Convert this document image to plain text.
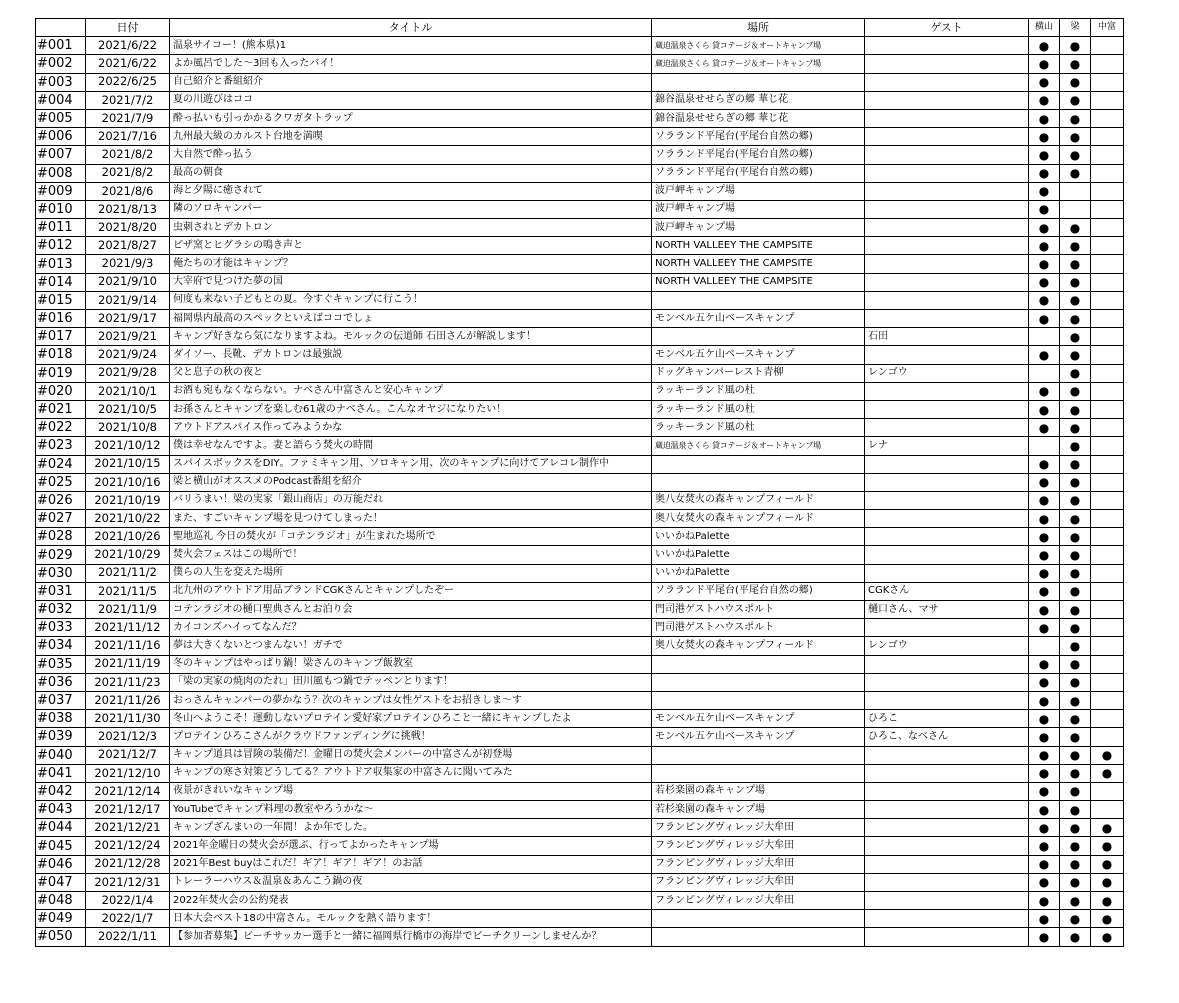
	日付	タイトル	場所	ゲスト	横山	梁	中富
#001	2021/6/22	温泉サイコー！(熊本県)1	蔵迫温泉さくら 貸コテージ＆オートキャンプ場		●	●	
#002	2021/6/22	よか風呂でした～3回も入ったバイ！	蔵迫温泉さくら 貸コテージ＆オートキャンプ場		●	●	
#003	2022/6/25	自己紹介と番組紹介			●	●	
#004	2021/7/2	夏の川遊びはココ	錦谷温泉せせらぎの郷 華じ花		●	●	
#005	2021/7/9	酔っ払いも引っかかるクワガタトラップ	錦谷温泉せせらぎの郷 華じ花		●	●	
#006	2021/7/16	九州最大級のカルスト台地を満喫	ソラランド平尾台(平尾台自然の郷)		●	●	
#007	2021/8/2	大自然で酔っ払う	ソラランド平尾台(平尾台自然の郷)		●	●	
#008	2021/8/2	最高の朝食	ソラランド平尾台(平尾台自然の郷)		●	●	
#009	2021/8/6	海と夕陽に癒されて	波戸岬キャンプ場		●		
#010	2021/8/13	隣のソロキャンパー	波戸岬キャンプ場		●		
#011	2021/8/20	虫刺されとデカトロン	波戸岬キャンプ場		●	●	
#012	2021/8/27	ピザ窯とヒグラシの鳴き声と	NORTH VALLEEY THE CAMPSITE		●	●	
#013	2021/9/3	俺たちの才能はキャンプ？	NORTH VALLEEY THE CAMPSITE		●	●	
#014	2021/9/10	大宰府で見つけた夢の国	NORTH VALLEEY THE CAMPSITE		●	●	
#015	2021/9/14	何度も来ない子どもとの夏。今すぐキャンプに行こう！			●	●	
#016	2021/9/17	福岡県内最高のスペックといえばココでしょ	モンベル五ケ山ベースキャンプ		●	●	
#017	2021/9/21	キャンプ好きなら気になりますよね。モルックの伝道師 石田さんが解説します！		石田		●	
#018	2021/9/24	ダイソー、長靴、デカトロンは最強説	モンベル五ケ山ベースキャンプ		●	●	
#019	2021/9/28	父と息子の秋の夜と	ドッグキャンパーレスト青柳	レンゴウ		●	
#020	2021/10/1	お酒も宛もなくならない。ナベさん中富さんと安心キャンプ	ラッキーランド風の杜		●	●	
#021	2021/10/5	お孫さんとキャンプを楽しむ61歳のナベさん。こんなオヤジになりたい！	ラッキーランド風の杜		●	●	
#022	2021/10/8	アウトドアスパイス作ってみようかな	ラッキーランド風の杜		●	●	
#023	2021/10/12	僕は幸せなんですよ。妻と語らう焚火の時間	蔵迫温泉さくら 貸コテージ＆オートキャンプ場	レナ		●	
#024	2021/10/15	スパイスボックスをDIY。ファミキャン用、ソロキャン用、次のキャンプに向けてアレコレ制作中			●	●	
#025	2021/10/16	梁と横山がオススメのPodcast番組を紹介			●	●	
#026	2021/10/19	バリうまい！梁の実家「銀山商店」の万能だれ	奥八女焚火の森キャンプフィールド		●	●	
#027	2021/10/22	また、すごいキャンプ場を見つけてしまった！	奥八女焚火の森キャンプフィールド		●	●	
#028	2021/10/26	聖地巡礼 今日の焚火が「コテンラジオ」が生まれた場所で	いいかねPalette		●	●	
#029	2021/10/29	焚火会フェスはこの場所で！	いいかねPalette		●	●	
#030	2021/11/2	僕らの人生を変えた場所	いいかねPalette		●	●	
#031	2021/11/5	北九州のアウトドア用品ブランドCGKさんとキャンプしたぞー	ソラランド平尾台(平尾台自然の郷)	CGKさん	●	●	
#032	2021/11/9	コテンラジオの樋口聖典さんとお泊り会	門司港ゲストハウスポルト	樋口さん、マサ	●	●	
#033	2021/11/12	カイコンズハイってなんだ？	門司港ゲストハウスポルト		●	●	
#034	2021/11/16	夢は大きくないとつまんない！ガチで	奥八女焚火の森キャンプフィールド	レンゴウ		●	
#035	2021/11/19	冬のキャンプはやっぱり鍋！梁さんのキャンプ飯教室			●	●	
#036	2021/11/23	「梁の実家の焼肉のたれ」田川風もつ鍋でテッペンとります！			●	●	
#037	2021/11/26	おっさんキャンパーの夢かなう？次のキャンプは女性ゲストをお招きしま～す			●	●	
#038	2021/11/30	冬山へようこそ！運動しないプロテイン愛好家プロテインひろこと一緒にキャンプしたよ	モンベル五ケ山ベースキャンプ	ひろこ	●	●	
#039	2021/12/3	プロテインひろこさんがクラウドファンディングに挑戦！	モンベル五ケ山ベースキャンプ	ひろこ、なべさん	●	●	
#040	2021/12/7	キャンプ道具は冒険の装備だ！金曜日の焚火会メンバーの中富さんが初登場			●	●	●
#041	2021/12/10	キャンプの寒さ対策どうしてる？アウトドア収集家の中富さんに聞いてみた			●	●	●
#042	2021/12/14	夜景がきれいなキャンプ場	若杉楽園の森キャンプ場		●	●	
#043	2021/12/17	YouTubeでキャンプ料理の教室やろうかな～	若杉楽園の森キャンプ場		●	●	
#044	2021/12/21	キャンプざんまいの一年間！よか年でした。	フランピングヴィレッジ大牟田		●	●	●
#045	2021/12/24	2021年金曜日の焚火会が選ぶ、行ってよかったキャンプ場	フランピングヴィレッジ大牟田		●	●	●
#046	2021/12/28	2021年Best buyはこれだ！ギア！ギア！ギア！のお話	フランピングヴィレッジ大牟田		●	●	●
#047	2021/12/31	トレーラーハウス＆温泉＆あんこう鍋の夜	フランピングヴィレッジ大牟田		●	●	●
#048	2022/1/4	2022年焚火会の公約発表	フランピングヴィレッジ大牟田		●	●	●
#049	2022/1/7	日本大会ベスト18の中富さん。モルックを熱く語ります！			●	●	●
#050	2022/1/11	【参加者募集】ビーチサッカー選手と一緒に福岡県行橋市の海岸でビーチクリーンしませんか？			●	●	●
